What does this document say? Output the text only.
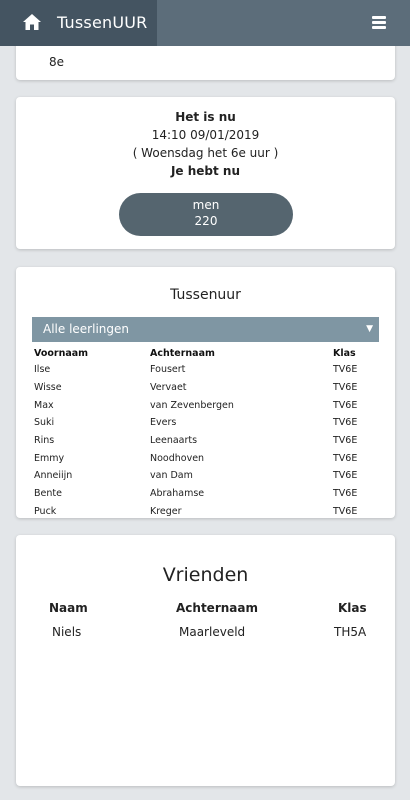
TussenUUR
8e
Het is nu
14:10 09/01/2019
( Woensdag het 6e uur )
Je hebt nu
men
220
Tussenuur
Alle leerlingen	▼
Voornaam	Achternaam	Klas
Ilse	Fousert	TV6E
Wisse	Vervaet	TV6E
Max	van Zevenbergen	TV6E
Suki	Evers	TV6E
Rins	Leenaarts	TV6E
Emmy	Noodhoven	TV6E
Anneiijn	van Dam	TV6E
Bente	Abrahamse	TV6E
Puck	Kreger	TV6E
Vrienden
Naam	Achternaam	Klas
Niels	Maarleveld	TH5A
